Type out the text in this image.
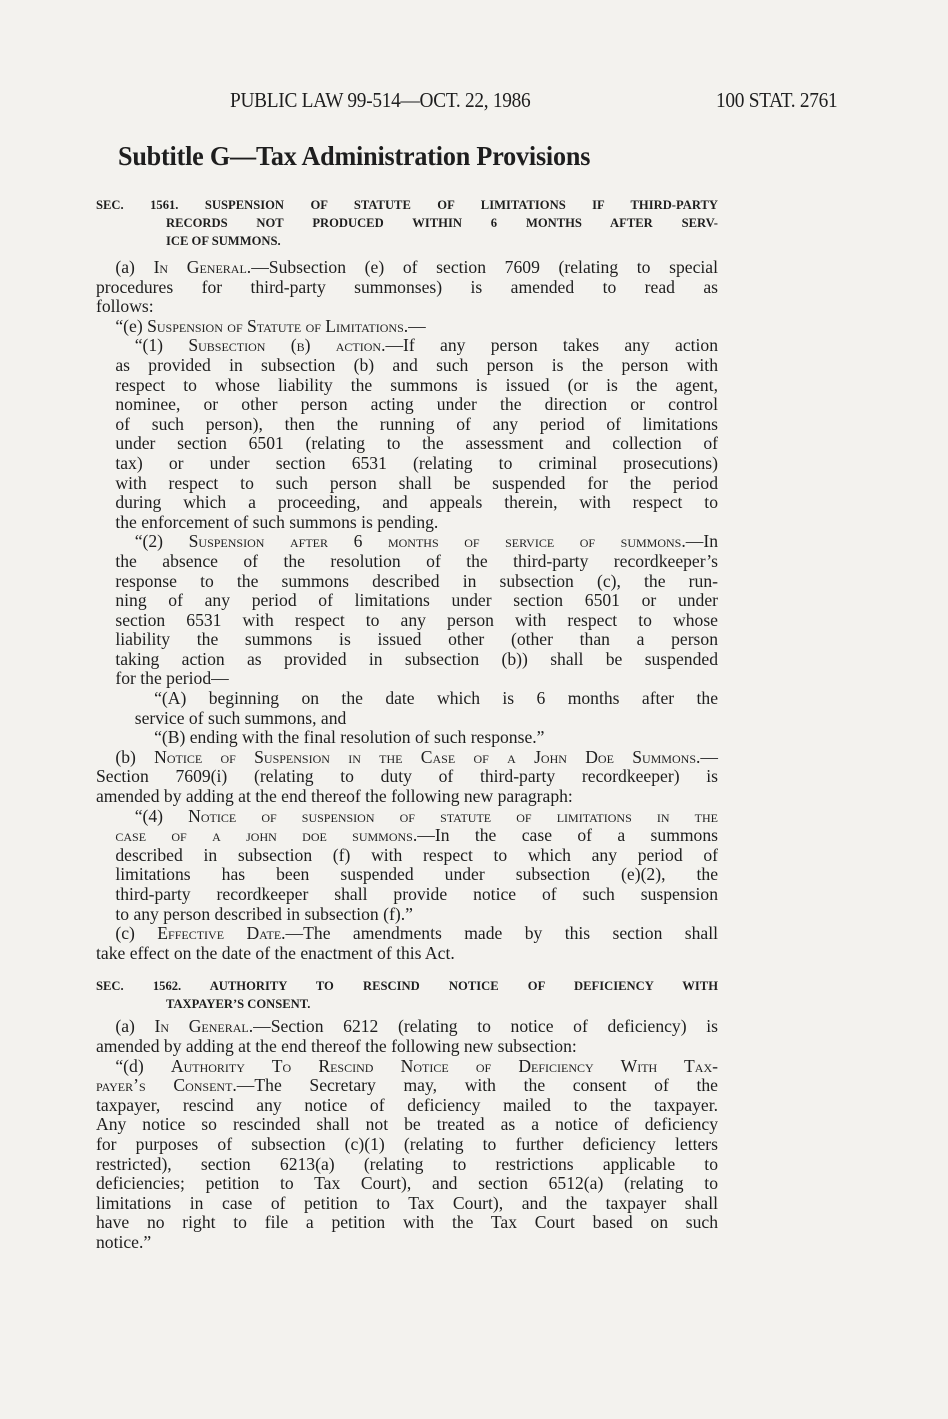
PUBLIC LAW 99-514—OCT. 22, 1986	100 STAT. 2761
Subtitle G—Tax Administration Provisions
SEC. 1561. SUSPENSION OF STATUTE OF LIMITATIONS IF THIRD-PARTY
RECORDS NOT PRODUCED WITHIN 6 MONTHS AFTER SERV-
ICE OF SUMMONS.
(a) In General.—Subsection (e) of section 7609 (relating to special
procedures for third-party summonses) is amended to read as
follows:
“(e) Suspension of Statute of Limitations.—
“(1) Subsection (b) action.—If any person takes any action
as provided in subsection (b) and such person is the person with
respect to whose liability the summons is issued (or is the agent,
nominee, or other person acting under the direction or control
of such person), then the running of any period of limitations
under section 6501 (relating to the assessment and collection of
tax) or under section 6531 (relating to criminal prosecutions)
with respect to such person shall be suspended for the period
during which a proceeding, and appeals therein, with respect to
the enforcement of such summons is pending.
“(2) Suspension after 6 months of service of summons.—In
the absence of the resolution of the third-party recordkeeper’s
response to the summons described in subsection (c), the run-
ning of any period of limitations under section 6501 or under
section 6531 with respect to any person with respect to whose
liability the summons is issued other (other than a person
taking action as provided in subsection (b)) shall be suspended
for the period—
“(A) beginning on the date which is 6 months after the
service of such summons, and
“(B) ending with the final resolution of such response.”
(b) Notice of Suspension in the Case of a John Doe Summons.—
Section 7609(i) (relating to duty of third-party recordkeeper) is
amended by adding at the end thereof the following new paragraph:
“(4) Notice of suspension of statute of limitations in the
case of a john doe summons.—In the case of a summons
described in subsection (f) with respect to which any period of
limitations has been suspended under subsection (e)(2), the
third-party recordkeeper shall provide notice of such suspension
to any person described in subsection (f).”
(c) Effective Date.—The amendments made by this section shall
take effect on the date of the enactment of this Act.
SEC. 1562. AUTHORITY TO RESCIND NOTICE OF DEFICIENCY WITH
TAXPAYER’S CONSENT.
(a) In General.—Section 6212 (relating to notice of deficiency) is
amended by adding at the end thereof the following new subsection:
“(d) Authority To Rescind Notice of Deficiency With Tax-
payer’s Consent.—The Secretary may, with the consent of the
taxpayer, rescind any notice of deficiency mailed to the taxpayer.
Any notice so rescinded shall not be treated as a notice of deficiency
for purposes of subsection (c)(1) (relating to further deficiency letters
restricted), section 6213(a) (relating to restrictions applicable to
deficiencies; petition to Tax Court), and section 6512(a) (relating to
limitations in case of petition to Tax Court), and the taxpayer shall
have no right to file a petition with the Tax Court based on such
notice.”
